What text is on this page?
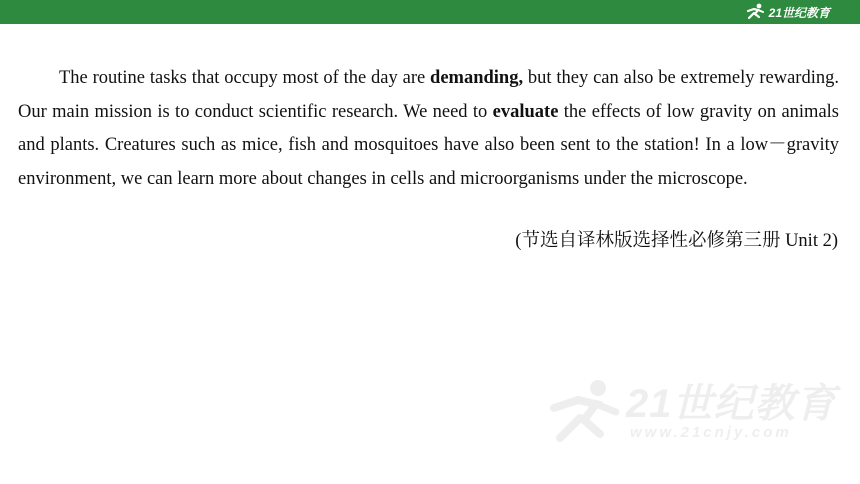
21世纪教育

The routine tasks that occupy most of the day are demanding, but they can also be extremely rewarding. Our main mission is to conduct scientific research. We need to evaluate the effects of low gravity on animals and plants. Creatures such as mice, fish and mosquitoes have also been sent to the station! In a low－gravity environment, we can learn more about changes in cells and microorganisms under the microscope.

(节选自译林版选择性必修第三册 Unit 2)
21世纪教育
www.21cnjy.com
